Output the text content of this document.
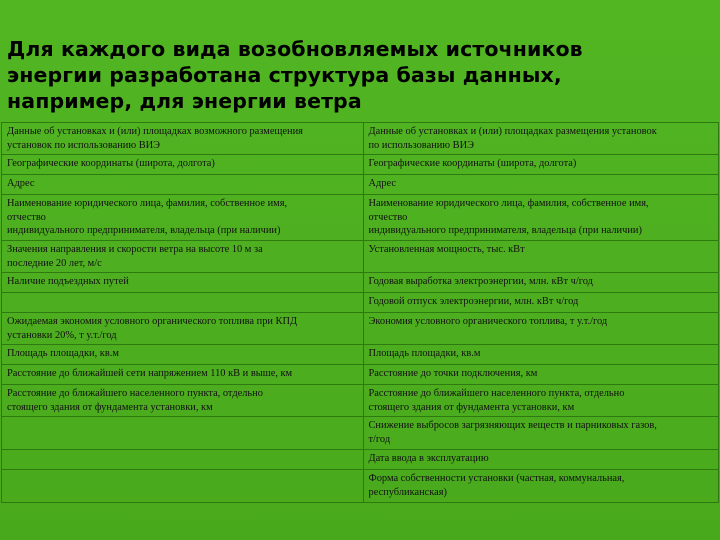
Для каждого вида возобновляемых источников
энергии разработана структура базы данных,
например, для энергии ветра
Данные об установках и (или) площадках возможного размещения
установок по использованию ВИЭ	Данные об установках и (или) площадках размещения установок
по использованию ВИЭ

Географические координаты (широта, долгота)	Географические координаты (широта, долгота)

Адрес	Адрес

Наименование юридического лица, фамилия, собственное имя,
отчество
индивидуального предпринимателя, владельца (при наличии)	Наименование юридического лица, фамилия, собственное имя,
отчество
индивидуального предпринимателя, владельца (при наличии)

Значения направления и скорости ветра на высоте 10 м за
последние 20 лет, м/с	Установленная мощность, тыс. кВт

Наличие подъездных путей	Годовая выработка электроэнергии, млн. кВт ч/год

	Годовой отпуск электроэнергии, млн. кВт ч/год

Ожидаемая экономия условного органического топлива при КПД
установки 20%, т у.т./год	Экономия условного органического топлива, т у.т./год

Площадь площадки, кв.м	Площадь площадки, кв.м

Расстояние до ближайшей сети напряжением 110 кВ и выше, км	Расстояние до точки подключения, км

Расстояние до ближайшего населенного пункта, отдельно
стоящего здания от фундамента установки, км	Расстояние до ближайшего населенного пункта, отдельно
стоящего здания от фундамента установки, км

	Снижение выбросов загрязняющих веществ и парниковых газов,
т/год

	Дата ввода в эксплуатацию

	Форма собственности установки (частная, коммунальная,
республиканская)
